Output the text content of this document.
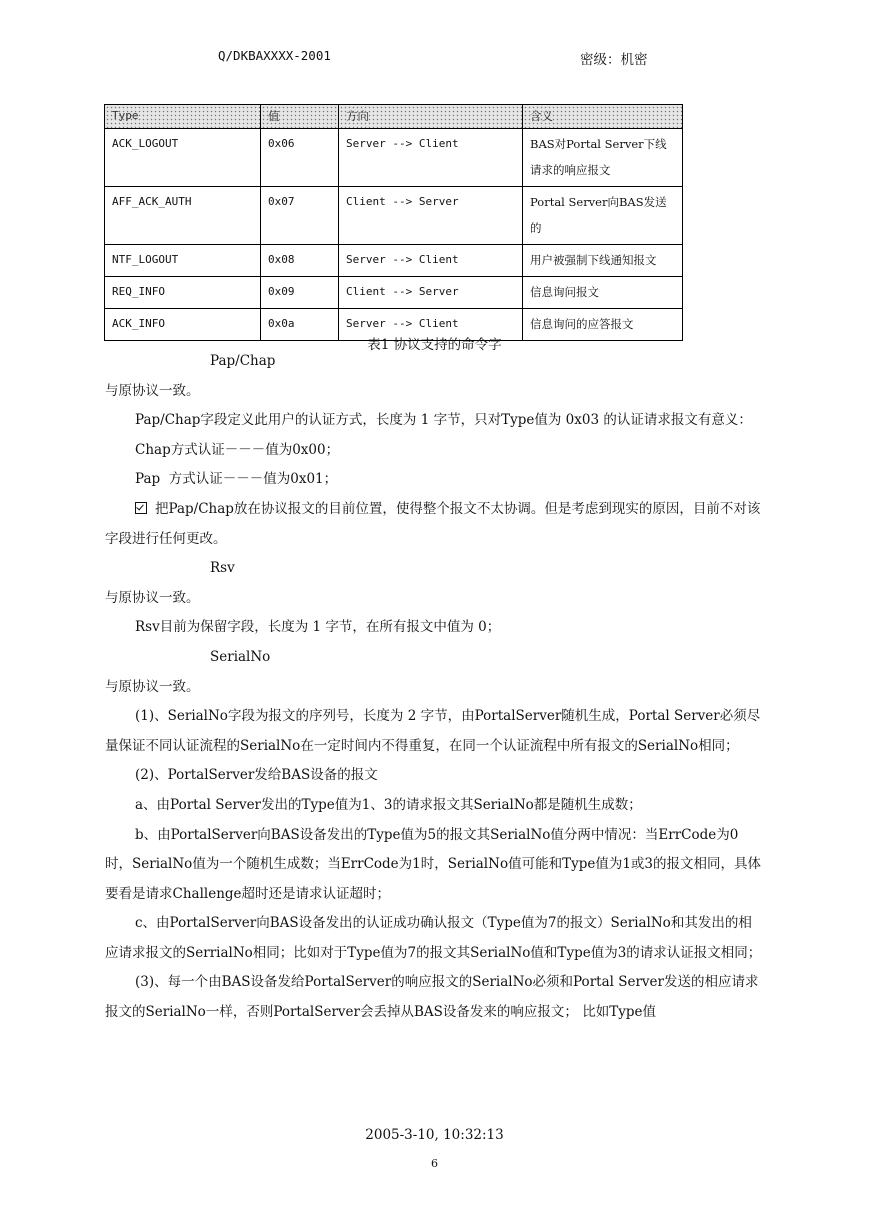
Q/DKBAXXXX-2001	密级：机密
Type	值	方向	含义
ACK_LOGOUT	0x06	Server --> Client	BAS对Portal Server下线请求的响应报文
AFF_ACK_AUTH	0x07	Client --> Server	Portal Server向BAS发送的
NTF_LOGOUT	0x08	Server --> Client	用户被强制下线通知报文
REQ_INFO	0x09	Client --> Server	信息询问报文
ACK_INFO	0x0a	Server --> Client	信息询问的应答报文
表1 协议支持的命令字

Pap/Chap

与原协议一致。

Pap/Chap字段定义此用户的认证方式，长度为 1 字节，只对Type值为 0x03 的认证请求报文有意义：

Chap方式认证－－－值为0x00；

Pap  方式认证－－－值为0x01；

把Pap/Chap放在协议报文的目前位置，使得整个报文不太协调。但是考虑到现实的原因，目前不对该字段进行任何更改。

Rsv

与原协议一致。

Rsv目前为保留字段，长度为 1 字节，在所有报文中值为 0；

SerialNo

与原协议一致。

(1)、SerialNo字段为报文的序列号，长度为 2 字节，由PortalServer随机生成，Portal Server必须尽量保证不同认证流程的SerialNo在一定时间内不得重复，在同一个认证流程中所有报文的SerialNo相同；

(2)、PortalServer发给BAS设备的报文

a、由Portal Server发出的Type值为1、3的请求报文其SerialNo都是随机生成数；

b、由PortalServer向BAS设备发出的Type值为5的报文其SerialNo值分两中情况：当ErrCode为0时，SerialNo值为一个随机生成数；当ErrCode为1时，SerialNo值可能和Type值为1或3的报文相同，具体要看是请求Challenge超时还是请求认证超时；

c、由PortalServer向BAS设备发出的认证成功确认报文（Type值为7的报文）SerialNo和其发出的相应请求报文的SerrialNo相同；比如对于Type值为7的报文其SerialNo值和Type值为3的请求认证报文相同；

(3)、每一个由BAS设备发给PortalServer的响应报文的SerialNo必须和Portal Server发送的相应请求报文的SerialNo一样，否则PortalServer会丢掉从BAS设备发来的响应报文； 比如Type值

2005-3-10, 10:32:13
6
